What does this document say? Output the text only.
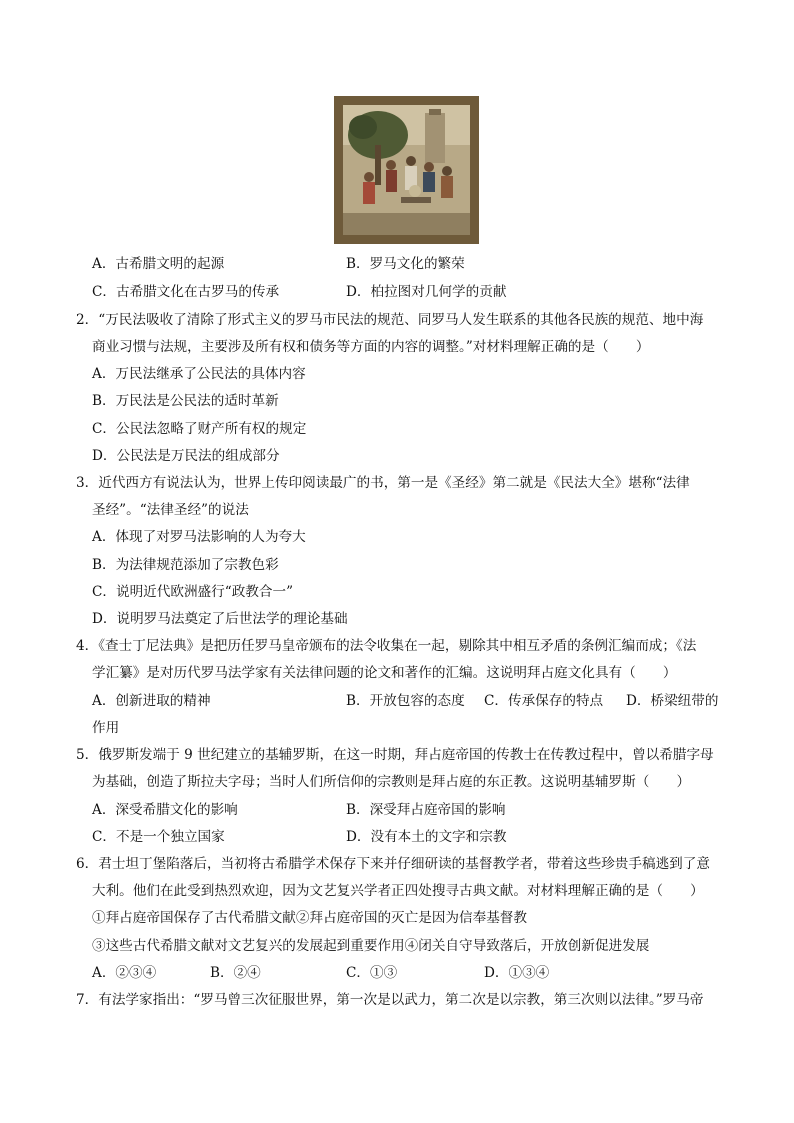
A．古希腊文明的起源	B．罗马文化的繁荣
C．古希腊文化在古罗马的传承	D．柏拉图对几何学的贡献
2．“万民法吸收了清除了形式主义的罗马市民法的规范、同罗马人发生联系的其他各民族的规范、地中海
商业习惯与法规，主要涉及所有权和债务等方面的内容的调整。”对材料理解正确的是（　　）
A．万民法继承了公民法的具体内容
B．万民法是公民法的适时革新
C．公民法忽略了财产所有权的规定
D．公民法是万民法的组成部分
3．近代西方有说法认为，世界上传印阅读最广的书，第一是《圣经》第二就是《民法大全》堪称“法律
圣经”。“法律圣经”的说法
A．体现了对罗马法影响的人为夸大
B．为法律规范添加了宗教色彩
C．说明近代欧洲盛行“政教合一”
D．说明罗马法奠定了后世法学的理论基础
4．《查士丁尼法典》是把历任罗马皇帝颁布的法令收集在一起，剔除其中相互矛盾的条例汇编而成；《法
学汇纂》是对历代罗马法学家有关法律问题的论文和著作的汇编。这说明拜占庭文化具有（　　）
A．创新进取的精神	B．开放包容的态度 C．传承保存的特点 D．桥梁纽带的
作用
5．俄罗斯发端于 9 世纪建立的基辅罗斯，在这一时期，拜占庭帝国的传教士在传教过程中，曾以希腊字母
为基础，创造了斯拉夫字母；当时人们所信仰的宗教则是拜占庭的东正教。这说明基辅罗斯（　　）
A．深受希腊文化的影响	B．深受拜占庭帝国的影响
C．不是一个独立国家	D．没有本土的文字和宗教
6．君士坦丁堡陷落后，当初将古希腊学术保存下来并仔细研读的基督教学者，带着这些珍贵手稿逃到了意
大利。他们在此受到热烈欢迎，因为文艺复兴学者正四处搜寻古典文献。对材料理解正确的是（　　）
①拜占庭帝国保存了古代希腊文献②拜占庭帝国的灭亡是因为信奉基督教
③这些古代希腊文献对文艺复兴的发展起到重要作用④闭关自守导致落后，开放创新促进发展
A．②③④	B．②④	C．①③	D．①③④
7．有法学家指出：“罗马曾三次征服世界，第一次是以武力，第二次是以宗教，第三次则以法律。”罗马帝
